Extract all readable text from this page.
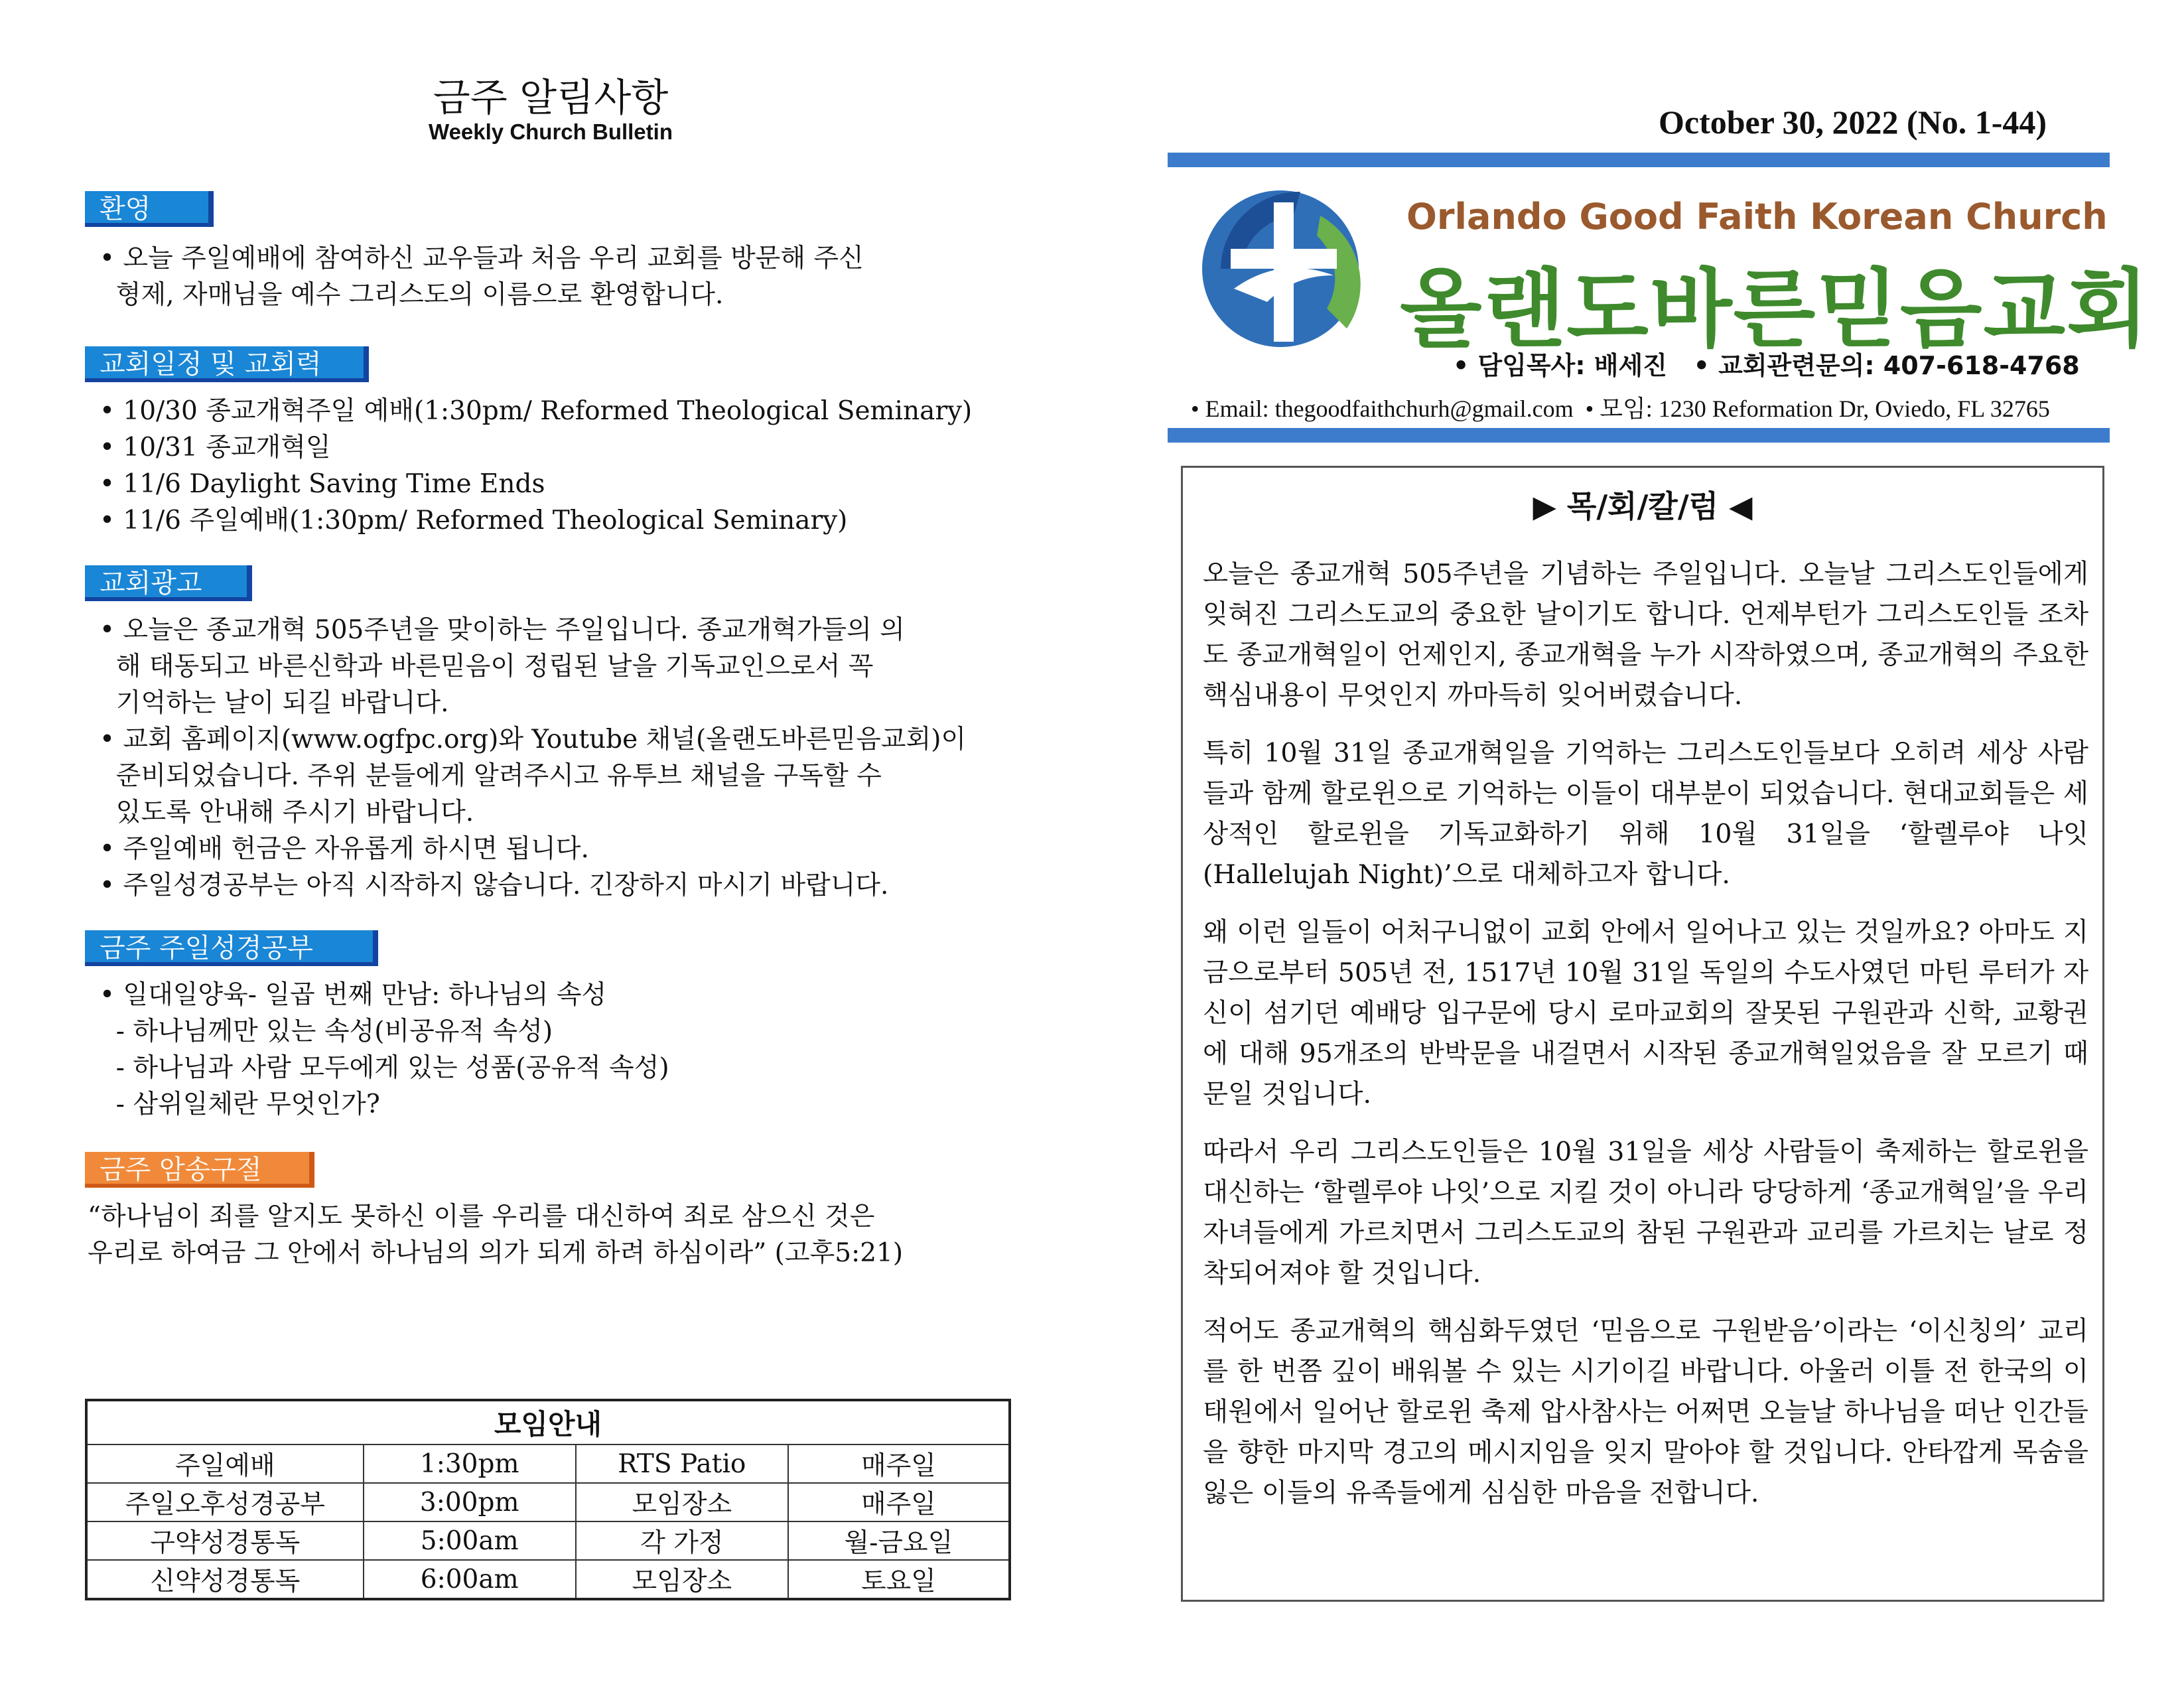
금주 알림사항
Weekly Church Bulletin
환영
• 오늘 주일예배에 참여하신 교우들과 처음 우리 교회를 방문해 주신
형제, 자매님을 예수 그리스도의 이름으로 환영합니다.
교회일정 및 교회력
• 10/30 종교개혁주일 예배(1:30pm/ Reformed Theological Seminary)
• 10/31 종교개혁일
• 11/6 Daylight Saving Time Ends
• 11/6 주일예배(1:30pm/ Reformed Theological Seminary)
교회광고
• 오늘은 종교개혁 505주년을 맞이하는 주일입니다. 종교개혁가들의 의
해 태동되고 바른신학과 바른믿음이 정립된 날을 기독교인으로서 꼭
기억하는 날이 되길 바랍니다.
• 교회 홈페이지(www.ogfpc.org)와 Youtube 채널(올랜도바른믿음교회)이
준비되었습니다. 주위 분들에게 알려주시고 유투브 채널을 구독할 수
있도록 안내해 주시기 바랍니다.
• 주일예배 헌금은 자유롭게 하시면 됩니다.
• 주일성경공부는 아직 시작하지 않습니다. 긴장하지 마시기 바랍니다.
금주 주일성경공부
• 일대일양육- 일곱 번째 만남: 하나님의 속성
- 하나님께만 있는 속성(비공유적 속성)
- 하나님과 사람 모두에게 있는 성품(공유적 속성)
- 삼위일체란 무엇인가?
금주 암송구절
“하나님이 죄를 알지도 못하신 이를 우리를 대신하여 죄로 삼으신 것은
우리로 하여금 그 안에서 하나님의 의가 되게 하려 하심이라” (고후5:21)
모임안내			
주일예배	1:30pm	RTS Patio	매주일
주일오후성경공부	3:00pm	모임장소	매주일
구약성경통독	5:00am	각 가정	월-금요일
신약성경통독	6:00am	모임장소	토요일
October 30, 2022 (No. 1-44)
Orlando Good Faith Korean Church
올랜도바른믿음교회
• 담임목사: 배세진   • 교회관련문의: 407-618-4768
• Email: thegoodfaithchurh@gmail.com  • 모임: 1230 Reformation Dr, Oviedo, FL 32765
▶ 목/회/칼/럼 ◀

오늘은 종교개혁 505주년을 기념하는 주일입니다. 오늘날 그리스도인들에게 잊혀진 그리스도교의 중요한 날이기도 합니다. 언제부턴가 그리스도인들 조차도 종교개혁일이 언제인지, 종교개혁을 누가 시작하였으며, 종교개혁의 주요한 핵심내용이 무엇인지 까마득히 잊어버렸습니다.

특히 10월 31일 종교개혁일을 기억하는 그리스도인들보다 오히려 세상 사람들과 함께 할로윈으로 기억하는 이들이 대부분이 되었습니다. 현대교회들은 세상적인 할로윈을 기독교화하기 위해 10월 31일을 ‘할렐루야 나잇(Hallelujah Night)’으로 대체하고자 합니다.

왜 이런 일들이 어처구니없이 교회 안에서 일어나고 있는 것일까요? 아마도 지금으로부터 505년 전, 1517년 10월 31일 독일의 수도사였던 마틴 루터가 자신이 섬기던 예배당 입구문에 당시 로마교회의 잘못된 구원관과 신학, 교황권에 대해 95개조의 반박문을 내걸면서 시작된 종교개혁일었음을 잘 모르기 때문일 것입니다.

따라서 우리 그리스도인들은 10월 31일을 세상 사람들이 축제하는 할로윈을 대신하는 ‘할렐루야 나잇’으로 지킬 것이 아니라 당당하게 ‘종교개혁일’을 우리 자녀들에게 가르치면서 그리스도교의 참된 구원관과 교리를 가르치는 날로 정착되어져야 할 것입니다.

적어도 종교개혁의 핵심화두였던 ‘믿음으로 구원받음’이라는 ‘이신칭의’ 교리를 한 번쯤 깊이 배워볼 수 있는 시기이길 바랍니다. 아울러 이틀 전 한국의 이태원에서 일어난 할로윈 축제 압사참사는 어쩌면 오늘날 하나님을 떠난 인간들을 향한 마지막 경고의 메시지임을 잊지 말아야 할 것입니다. 안타깝게 목숨을 잃은 이들의 유족들에게 심심한 마음을 전합니다.
